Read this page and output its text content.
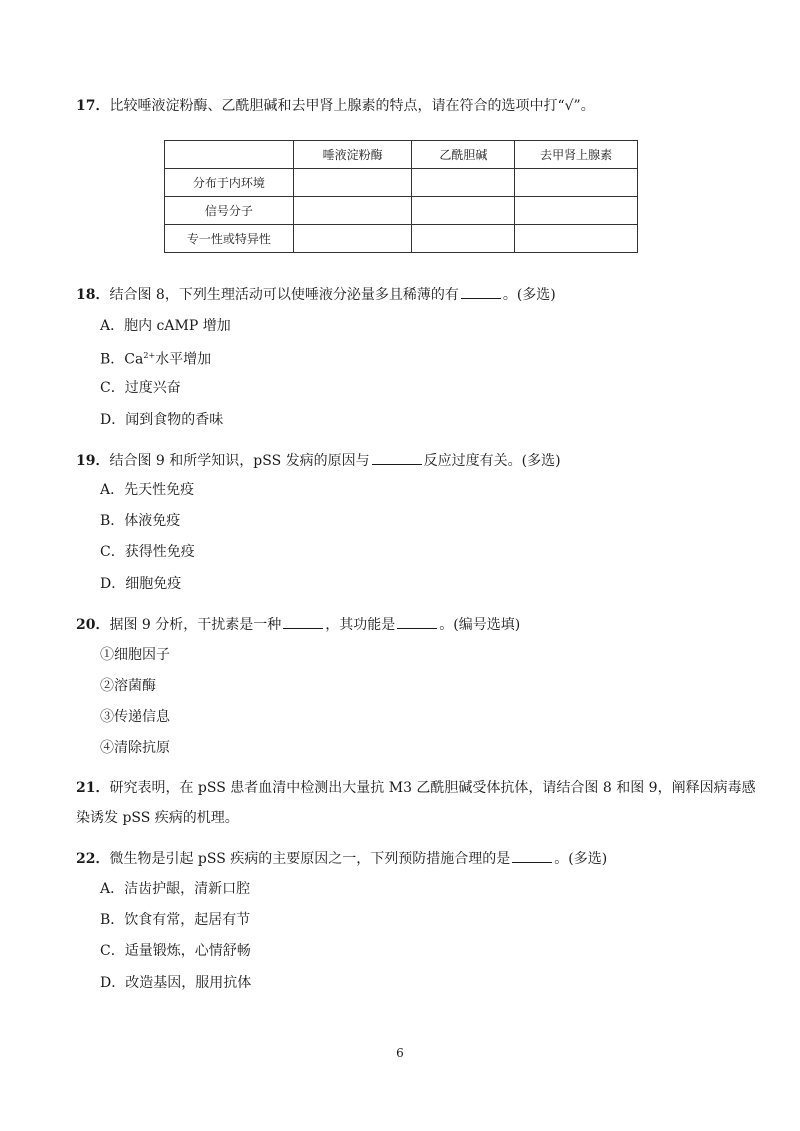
17．比较唾液淀粉酶、乙酰胆碱和去甲肾上腺素的特点，请在符合的选项中打“√”。
	唾液淀粉酶	乙酰胆碱	去甲肾上腺素
分布于内环境			
信号分子			
专一性或特异性			
18．结合图 8，下列生理活动可以使唾液分泌量多且稀薄的有	。(多选)
A．胞内 cAMP 增加
B．$Ca^{2+}$水平增加
C．过度兴奋
D．闻到食物的香味
19．结合图 9 和所学知识，pSS 发病的原因与	反应过度有关。(多选)
A．先天性免疫
B．体液免疫
C．获得性免疫
D．细胞免疫
20．据图 9 分析，干扰素是一种	，其功能是	。(编号选填)
①细胞因子
②溶菌酶
③传递信息
④清除抗原
21．研究表明，在 pSS 患者血清中检测出大量抗 M3 乙酰胆碱受体抗体，请结合图 8 和图 9，阐释因病毒感
染诱发 pSS 疾病的机理。
22．微生物是引起 pSS 疾病的主要原因之一，下列预防措施合理的是	。(多选)
A．洁齿护龈，清新口腔
B．饮食有常，起居有节
C．适量锻炼，心情舒畅
D．改造基因，服用抗体
6
